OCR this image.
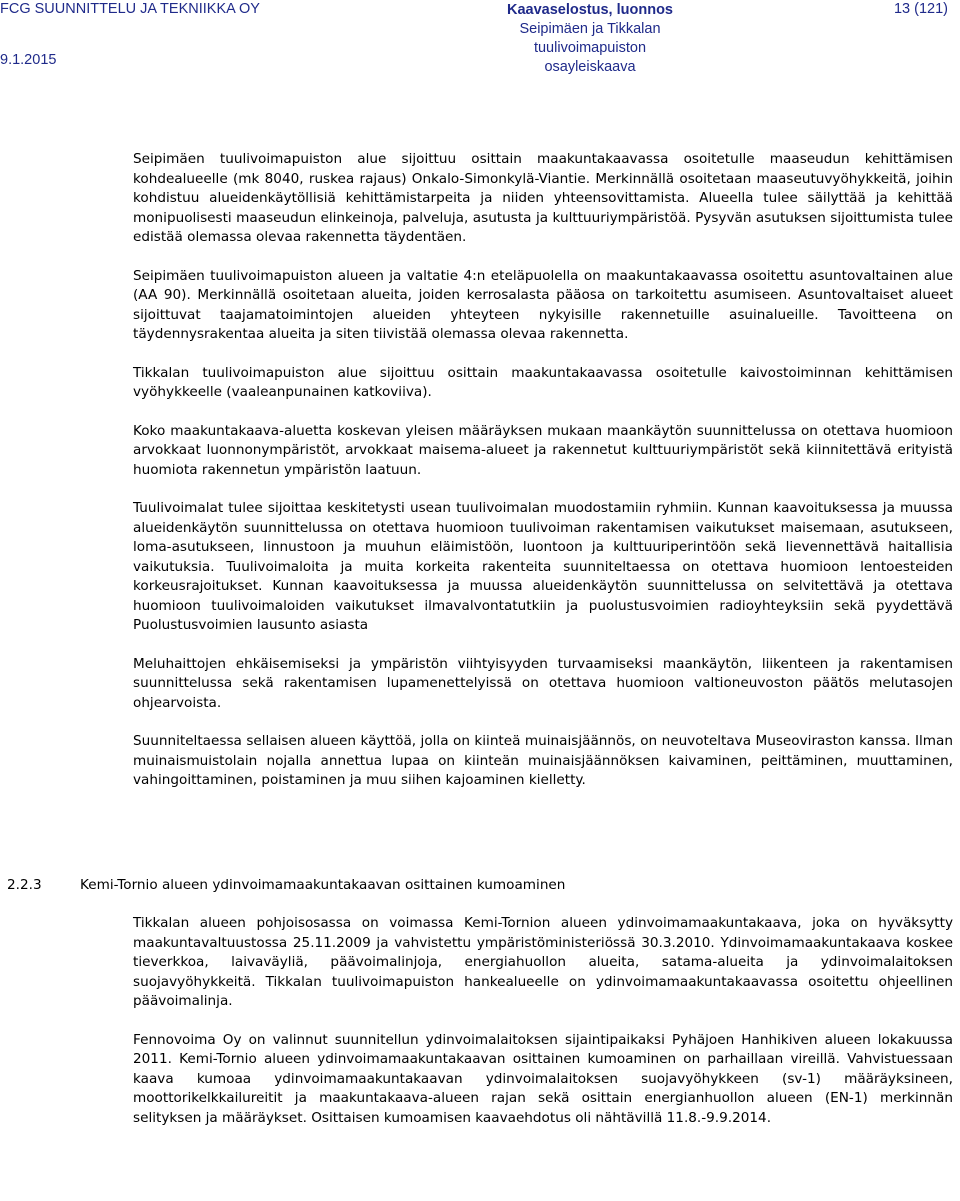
FCG SUUNNITTELU JA TEKNIIKKA OY
9.1.2015
Kaavaselostus, luonnos
Seipimäen ja Tikkalan
tuulivoimapuiston
osayleiskaava
13 (121)

Seipimäen tuulivoimapuiston alue sijoittuu osittain maakuntakaavassa osoitetulle maaseudun kehittämisen kohdealueelle (mk 8040, ruskea rajaus) Onkalo-Simonkylä-Viantie. Merkinnällä osoitetaan maaseutuvyöhykkeitä, joihin kohdistuu alueidenkäytöllisiä kehittämistarpeita ja niiden yhteensovittamista. Alueella tulee säilyttää ja kehittää monipuolisesti maaseudun elinkeinoja, palveluja, asutusta ja kulttuuriympäristöä. Pysyvän asutuksen sijoittumista tulee edistää olemassa olevaa rakennetta täydentäen.

Seipimäen tuulivoimapuiston alueen ja valtatie 4:n eteläpuolella on maakuntakaavassa osoitettu asuntovaltainen alue (AA 90). Merkinnällä osoitetaan alueita, joiden kerrosalasta pääosa on tarkoitettu asumiseen. Asuntovaltaiset alueet sijoittuvat taajamatoimintojen alueiden yhteyteen nykyisille rakennetuille asuinalueille. Tavoitteena on täydennysrakentaa alueita ja siten tiivistää olemassa olevaa rakennetta.

Tikkalan tuulivoimapuiston alue sijoittuu osittain maakuntakaavassa osoitetulle kaivostoiminnan kehittämisen vyöhykkeelle (vaaleanpunainen katkoviiva).

Koko maakuntakaava-aluetta koskevan yleisen määräyksen mukaan maankäytön suunnittelussa on otettava huomioon arvokkaat luonnonympäristöt, arvokkaat maisema-alueet ja rakennetut kulttuuriympäristöt sekä kiinnitettävä erityistä huomiota rakennetun ympäristön laatuun.

Tuulivoimalat tulee sijoittaa keskitetysti usean tuulivoimalan muodostamiin ryhmiin. Kunnan kaavoituksessa ja muussa alueidenkäytön suunnittelussa on otettava huomioon tuulivoiman rakentamisen vaikutukset maisemaan, asutukseen, loma-asutukseen, linnustoon ja muuhun eläimistöön, luontoon ja kulttuuriperintöön sekä lievennettävä haitallisia vaikutuksia. Tuulivoimaloita ja muita korkeita rakenteita suunniteltaessa on otettava huomioon lentoesteiden korkeusrajoitukset. Kunnan kaavoituksessa ja muussa alueidenkäytön suunnittelussa on selvitettävä ja otettava huomioon tuulivoimaloiden vaikutukset ilmavalvontatutkiin ja puolustusvoimien radioyhteyksiin sekä pyydettävä Puolustusvoimien lausunto asiasta

Meluhaittojen ehkäisemiseksi ja ympäristön viihtyisyyden turvaamiseksi maankäytön, liikenteen ja rakentamisen suunnittelussa sekä rakentamisen lupamenettelyissä on otettava huomioon valtioneuvoston päätös melutasojen ohjearvoista.

Suunniteltaessa sellaisen alueen käyttöä, jolla on kiinteä muinaisjäännös, on neuvoteltava Museoviraston kanssa. Ilman muinaismuistolain nojalla annettua lupaa on kiinteän muinaisjäännöksen kaivaminen, peittäminen, muuttaminen, vahingoittaminen, poistaminen ja muu siihen kajoaminen kielletty.

2.2.3	Kemi-Tornio alueen ydinvoimamaakuntakaavan osittainen kumoaminen

Tikkalan alueen pohjoisosassa on voimassa Kemi-Tornion alueen ydinvoimamaakuntakaava, joka on hyväksytty maakuntavaltuustossa 25.11.2009 ja vahvistettu ympäristöministeriössä 30.3.2010. Ydinvoimamaakuntakaava koskee tieverkkoa, laivaväyliä, päävoimalinjoja, energiahuollon alueita, satama-alueita ja ydinvoimalaitoksen suojavyöhykkeitä. Tikkalan tuulivoimapuiston hankealueelle on ydinvoimamaakuntakaavassa osoitettu ohjeellinen päävoimalinja.

Fennovoima Oy on valinnut suunnitellun ydinvoimalaitoksen sijaintipaikaksi Pyhäjoen Hanhikiven alueen lokakuussa 2011. Kemi-Tornio alueen ydinvoimamaakuntakaavan osittainen kumoaminen on parhaillaan vireillä. Vahvistuessaan kaava kumoaa ydinvoimamaakuntakaavan ydinvoimalaitoksen suojavyöhykkeen (sv-1) määräyksineen, moottorikelkkailureitit ja maakuntakaava-alueen rajan sekä osittain energianhuollon alueen (EN-1) merkinnän selityksen ja määräykset. Osittaisen kumoamisen kaavaehdotus oli nähtävillä 11.8.-9.9.2014.
